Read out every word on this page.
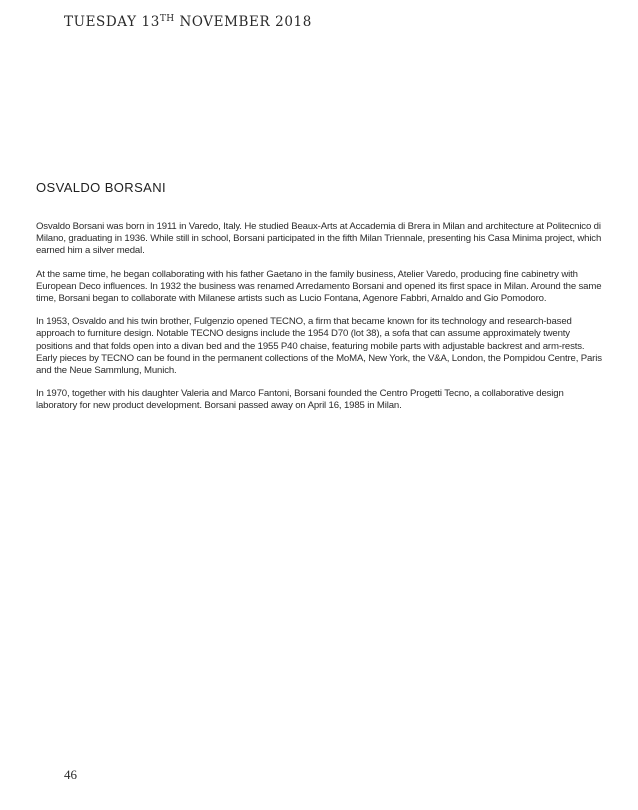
TUESDAY 13TH NOVEMBER 2018
OSVALDO BORSANI

Osvaldo Borsani was born in 1911 in Varedo, Italy. He studied Beaux-Arts at Accademia di Brera in Milan and architecture at Politecnico di Milano, graduating in 1936. While still in school, Borsani participated in the fifth Milan Triennale, presenting his Casa Minima project, which earned him a silver medal.

At the same time, he began collaborating with his father Gaetano in the family business, Atelier Varedo, producing fine cabinetry with European Deco influences. In 1932 the business was renamed Arredamento Borsani and opened its first space in Milan. Around the same time, Borsani began to collaborate with Milanese artists such as Lucio Fontana, Agenore Fabbri, Arnaldo and Gio Pomodoro.

In 1953, Osvaldo and his twin brother, Fulgenzio opened TECNO, a firm that became known for its technology and research-based approach to furniture design. Notable TECNO designs include the 1954 D70 (lot 38), a sofa that can assume approximately twenty positions and that folds open into a divan bed and the 1955 P40 chaise, featuring mobile parts with adjustable backrest and arm-rests. Early pieces by TECNO can be found in the permanent collections of the MoMA, New York, the V&A, London, the Pompidou Centre, Paris and the Neue Sammlung, Munich.

In 1970, together with his daughter Valeria and Marco Fantoni, Borsani founded the Centro Progetti Tecno, a collaborative design laboratory for new product development. Borsani passed away on April 16, 1985 in Milan.

46
